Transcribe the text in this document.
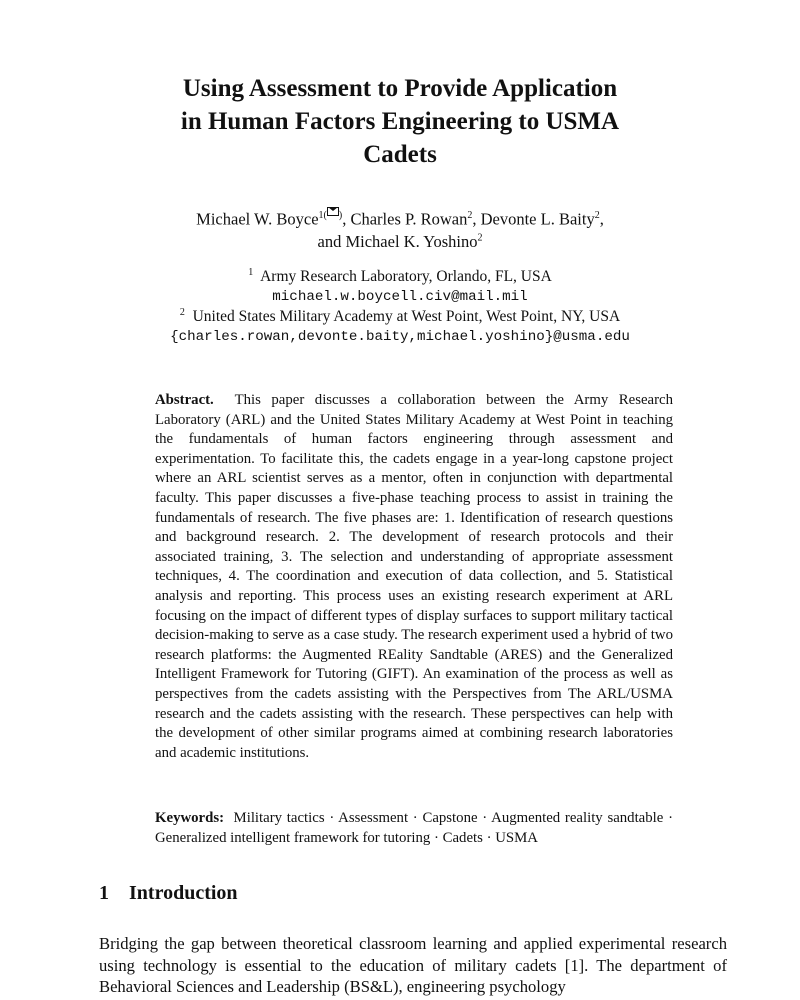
Using Assessment to Provide Application
in Human Factors Engineering to USMA
Cadets
Michael W. Boyce$^{1( )}$, Charles P. Rowan$^2$, Devonte L. Baity$^2$,
and Michael K. Yoshino$^2$
$^1$ Army Research Laboratory, Orlando, FL, USA
michael.w.boycell.civ@mail.mil
$^2$ United States Military Academy at West Point, West Point, NY, USA
{charles.rowan,devonte.baity,michael.yoshino}@usma.edu
Abstract. This paper discusses a collaboration between the Army Research Laboratory (ARL) and the United States Military Academy at West Point in teaching the fundamentals of human factors engineering through assessment and experimentation. To facilitate this, the cadets engage in a year-long capstone project where an ARL scientist serves as a mentor, often in conjunction with departmental faculty. This paper discusses a five-phase teaching process to assist in training the fundamentals of research. The five phases are: 1. Identification of research questions and background research. 2. The development of research protocols and their associated training, 3. The selection and understanding of appropriate assessment techniques, 4. The coordination and execution of data collection, and 5. Statistical analysis and reporting. This process uses an existing research experiment at ARL focusing on the impact of different types of display surfaces to support military tactical decision-making to serve as a case study. The research experiment used a hybrid of two research platforms: the Augmented REality Sandtable (ARES) and the Generalized Intelligent Framework for Tutoring (GIFT). An examination of the process as well as perspectives from the cadets assisting with the Perspectives from The ARL/USMA research and the cadets assisting with the research. These perspectives can help with the development of other similar programs aimed at combining research laboratories and academic institutions.
Keywords: Military tactics · Assessment · Capstone · Augmented reality sandtable · Generalized intelligent framework for tutoring · Cadets · USMA
1 Introduction
Bridging the gap between theoretical classroom learning and applied experimental research using technology is essential to the education of military cadets [1]. The department of Behavioral Sciences and Leadership (BS&L), engineering psychology
